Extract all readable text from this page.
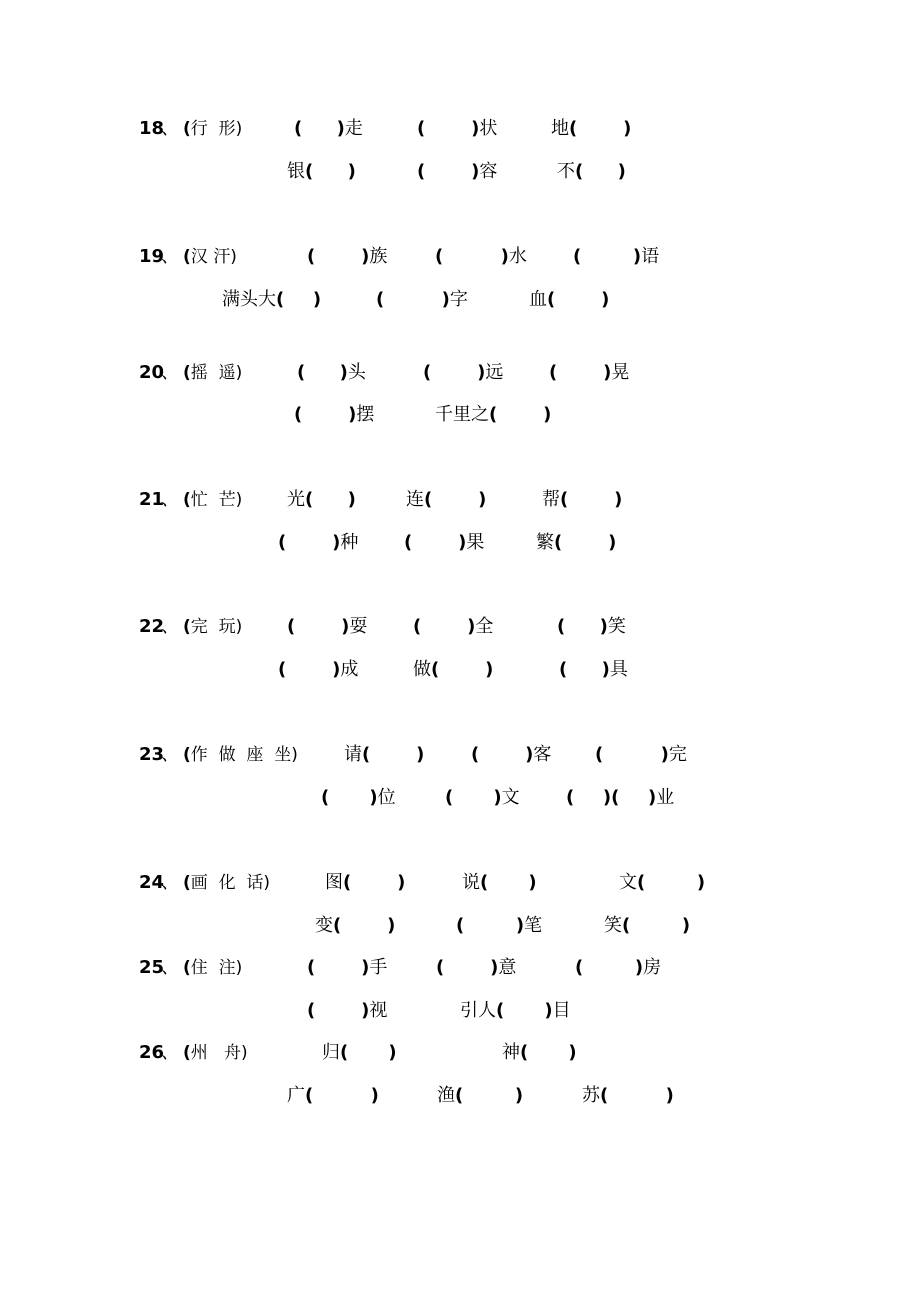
18
、 (行 形)	( )走	(	)状	地(	)
银( )	(	)容	不( )
19
、 (汉 汗)	(	)族	(	)水	(	)语
满头大( )	(	)字	血(	)
20
、 (摇 遥)	( )头	(	)远	(	)晃
(	)摆	千里之(	)
21
、 (忙 芒) 光( )	连(	)	帮(	)
(	)种	(	)果	繁(	)
22
、 (完 玩) (	)耍	(	)全	( )笑
(	)成	做(	)	( )具
23
、 (作 做 座 坐)	请(	)	(	)客 (	)完
( )位	( )文	( )( )业
24
、 (画 化 话)	图(	)	说( )	文(	)
变(	)	(	)笔	笑(	)
25
、 (住 注)	(	)手	(	)意	(	)房
(	)视	引人( )目
26
、 (州 舟)	归( )	神( )
广(	)	渔(	)	苏(	)
